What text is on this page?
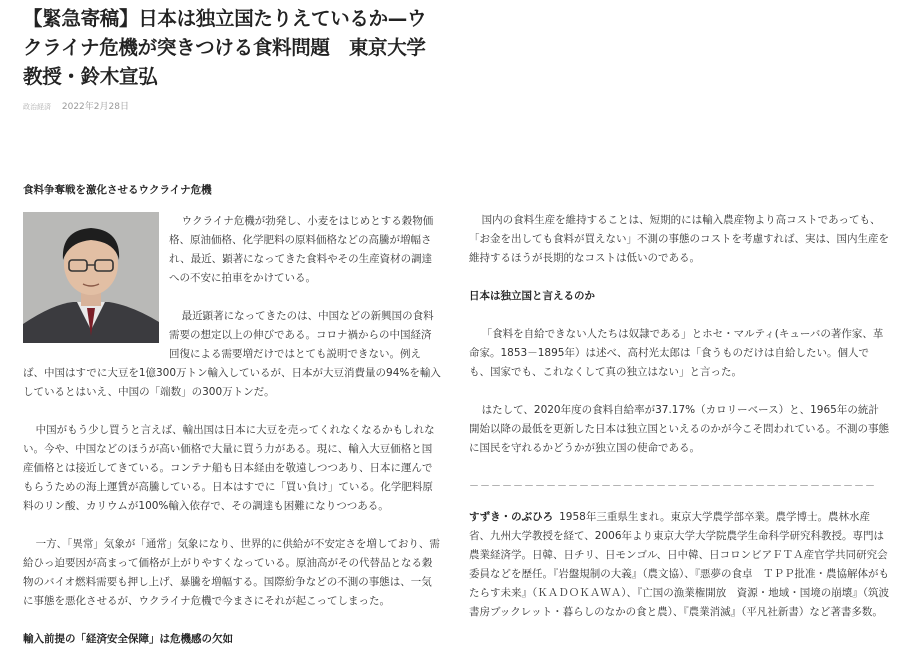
【緊急寄稿】日本は独立国たりえているか—ウクライナ危機が突きつける食料問題　東京大学教授・鈴木宣弘
政治経済 2022年2月28日
食料争奪戦を激化させるウクライナ危機

ウクライナ危機が勃発し、小麦をはじめとする穀物価格、原油価格、化学肥料の原料価格などの高騰が増幅され、最近、顕著になってきた食料やその生産資材の調達への不安に拍車をかけている。

最近顕著になってきたのは、中国などの新興国の食料需要の想定以上の伸びである。コロナ禍からの中国経済回復による需要増だけではとても説明できない。例えば、中国はすでに大豆を1億300万トン輸入しているが、日本が大豆消費量の94%を輸入しているとはいえ、中国の「端数」の300万トンだ。

中国がもう少し買うと言えば、輸出国は日本に大豆を売ってくれなくなるかもしれない。今や、中国などのほうが高い価格で大量に買う力がある。現に、輸入大豆価格と国産価格とは接近してきている。コンテナ船も日本経由を敬遠しつつあり、日本に運んでもらうための海上運賃が高騰している。日本はすでに「買い負け」ている。化学肥料原料のリン酸、カリウムが100%輸入依存で、その調達も困難になりつつある。

一方、「異常」気象が「通常」気象になり、世界的に供給が不安定さを増しており、需給ひっ迫要因が高まって価格が上がりやすくなっている。原油高がその代替品となる穀物のバイオ燃料需要も押し上げ、暴騰を増幅する。国際紛争などの不測の事態は、一気に事態を悪化させるが、ウクライナ危機で今まさにそれが起こってしまった。

輸入前提の「経済安全保障」は危機感の欠如

国内の食料生産を維持することは、短期的には輸入農産物より高コストであっても、「お金を出しても食料が買えない」不測の事態のコストを考慮すれば、実は、国内生産を維持するほうが長期的なコストは低いのである。

日本は独立国と言えるのか

「食料を自給できない人たちは奴隷である」とホセ・マルティ(キューバの著作家、革命家。1853－1895年）は述べ、高村光太郎は「食うものだけは自給したい。個人でも、国家でも、これなくして真の独立はない」と言った。

はたして、2020年度の食料自給率が37.17%（カロリーベース）と、1965年の統計開始以降の最低を更新した日本は独立国といえるのかが今こそ問われている。不測の事態に国民を守れるかどうかが独立国の使命である。

－－－－－－－－－－－－－－－－－－－－－－－－－－－－－－－－－－－－－

すずき・のぶひろ 1958年三重県生まれ。東京大学農学部卒業。農学博士。農林水産省、九州大学教授を経て、2006年より東京大学大学院農学生命科学研究科教授。専門は農業経済学。日韓、日チリ、日モンゴル、日中韓、日コロンビアＦＴＡ産官学共同研究会委員などを歴任。『岩盤規制の大義』（農文協）、『悪夢の食卓　ＴＰＰ批准・農協解体がもたらす未来』（ＫＡＤＯＫＡＷＡ）、『亡国の漁業権開放　資源・地域・国境の崩壊』（筑波書房ブックレット・暮らしのなかの食と農）、『農業消滅』（平凡社新書）など著書多数。
